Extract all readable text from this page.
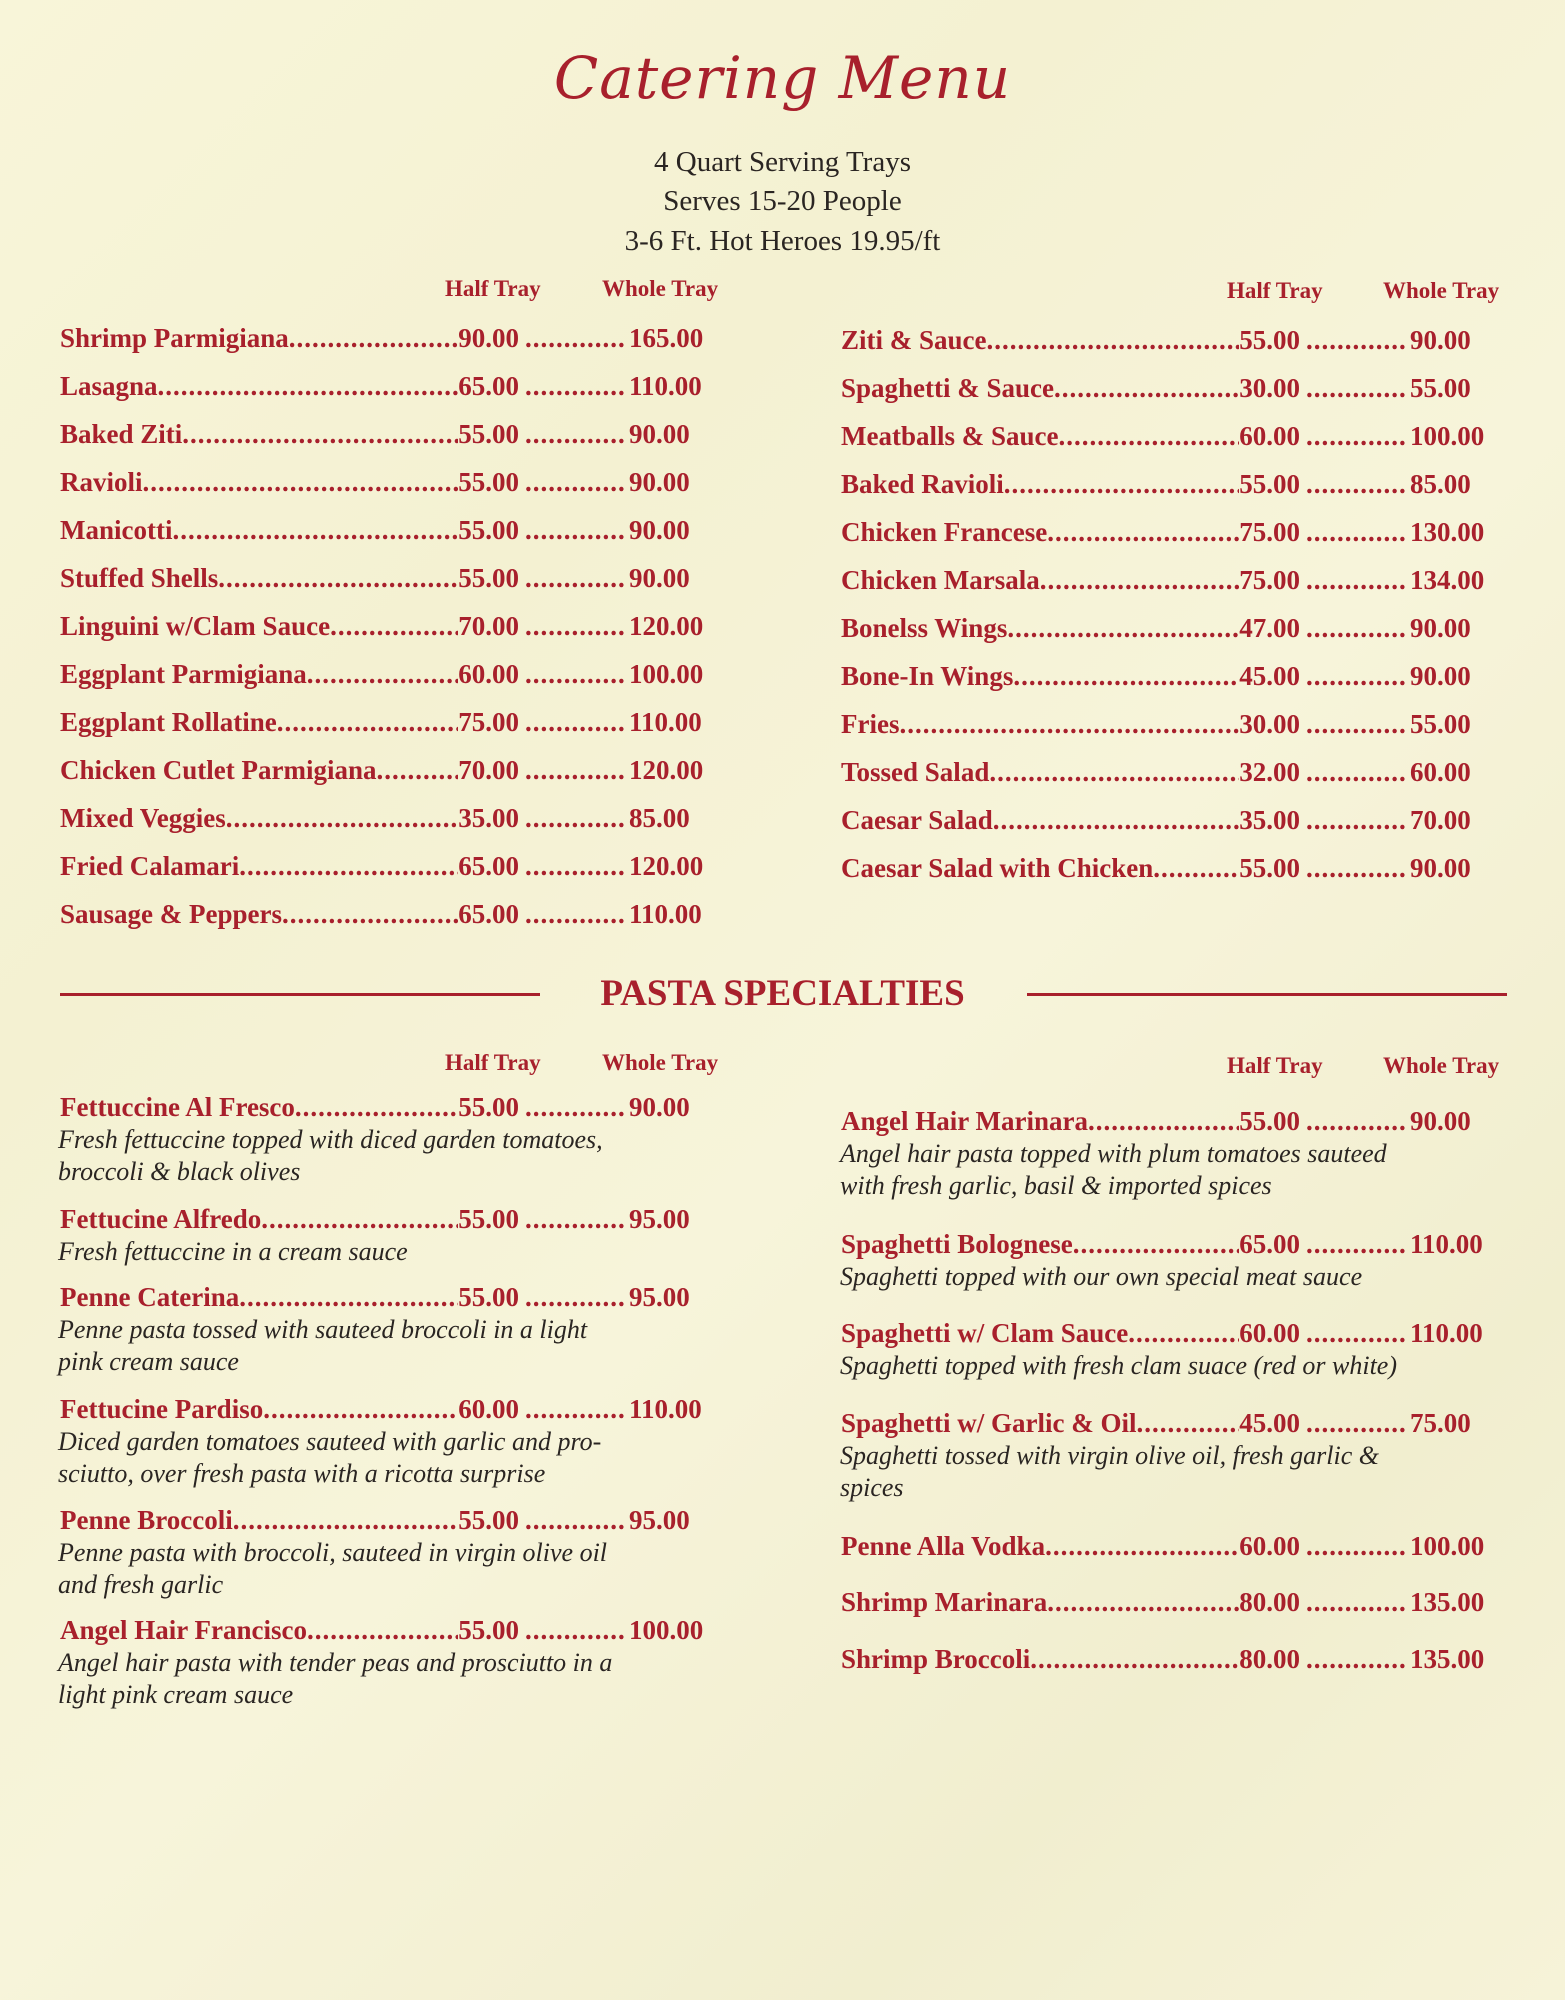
Catering Menu
4 Quart Serving Trays
Serves 15-20 People
3-6 Ft. Hot Heroes 19.95/ft
Half Tray	Whole Tray	Half Tray	Whole Tray
Shrimp Parmigiana .....	90.00 .....	165.00
Lasagna .....	65.00 .....	110.00
Baked Ziti .....	55.00 .....	90.00
Ravioli .....	55.00 .....	90.00
Manicotti .....	55.00 .....	90.00
Stuffed Shells .....	55.00 .....	90.00
Linguini w/Clam Sauce .....	70.00 .....	120.00
Eggplant Parmigiana .....	60.00 .....	100.00
Eggplant Rollatine .....	75.00 .....	110.00
Chicken Cutlet Parmigiana .....	70.00 .....	120.00
Mixed Veggies .....	35.00 .....	85.00
Fried Calamari .....	65.00 .....	120.00
Sausage & Peppers .....	65.00 .....	110.00
Ziti & Sauce .....	55.00 .....	90.00
Spaghetti & Sauce .....	30.00 .....	55.00
Meatballs & Sauce .....	60.00 .....	100.00
Baked Ravioli .....	55.00 .....	85.00
Chicken Francese .....	75.00 .....	130.00
Chicken Marsala .....	75.00 .....	134.00
Bonelss Wings .....	47.00 .....	90.00
Bone-In Wings .....	45.00 .....	90.00
Fries .....	30.00 .....	55.00
Tossed Salad .....	32.00 .....	60.00
Caesar Salad .....	35.00 .....	70.00
Caesar Salad with Chicken .....	55.00 .....	90.00
PASTA SPECIALTIES
Half Tray	Whole Tray	Half Tray	Whole Tray
Fettuccine Al Fresco .....	55.00 .....	90.00
Fresh fettuccine topped with diced garden tomatoes,
broccoli & black olives
Fettucine Alfredo .....	55.00 .....	95.00
Fresh fettuccine in a cream sauce
Penne Caterina .....	55.00 .....	95.00
Penne pasta tossed with sauteed broccoli in a light
pink cream sauce
Fettucine Pardiso .....	60.00 .....	110.00
Diced garden tomatoes sauteed with garlic and pro-
sciutto, over fresh pasta with a ricotta surprise
Penne Broccoli .....	55.00 .....	95.00
Penne pasta with broccoli, sauteed in virgin olive oil
and fresh garlic
Angel Hair Francisco .....	55.00 .....	100.00
Angel hair pasta with tender peas and prosciutto in a
light pink cream sauce
Angel Hair Marinara .....	55.00 .....	90.00
Angel hair pasta topped with plum tomatoes sauteed
with fresh garlic, basil & imported spices
Spaghetti Bolognese .....	65.00 .....	110.00
Spaghetti topped with our own special meat sauce
Spaghetti w/ Clam Sauce .....	60.00 .....	110.00
Spaghetti topped with fresh clam suace (red or white)
Spaghetti w/ Garlic & Oil .....	45.00 .....	75.00
Spaghetti tossed with virgin olive oil, fresh garlic &
spices
Penne Alla Vodka .....	60.00 .....	100.00
Shrimp Marinara .....	80.00 .....	135.00
Shrimp Broccoli .....	80.00 .....	135.00
